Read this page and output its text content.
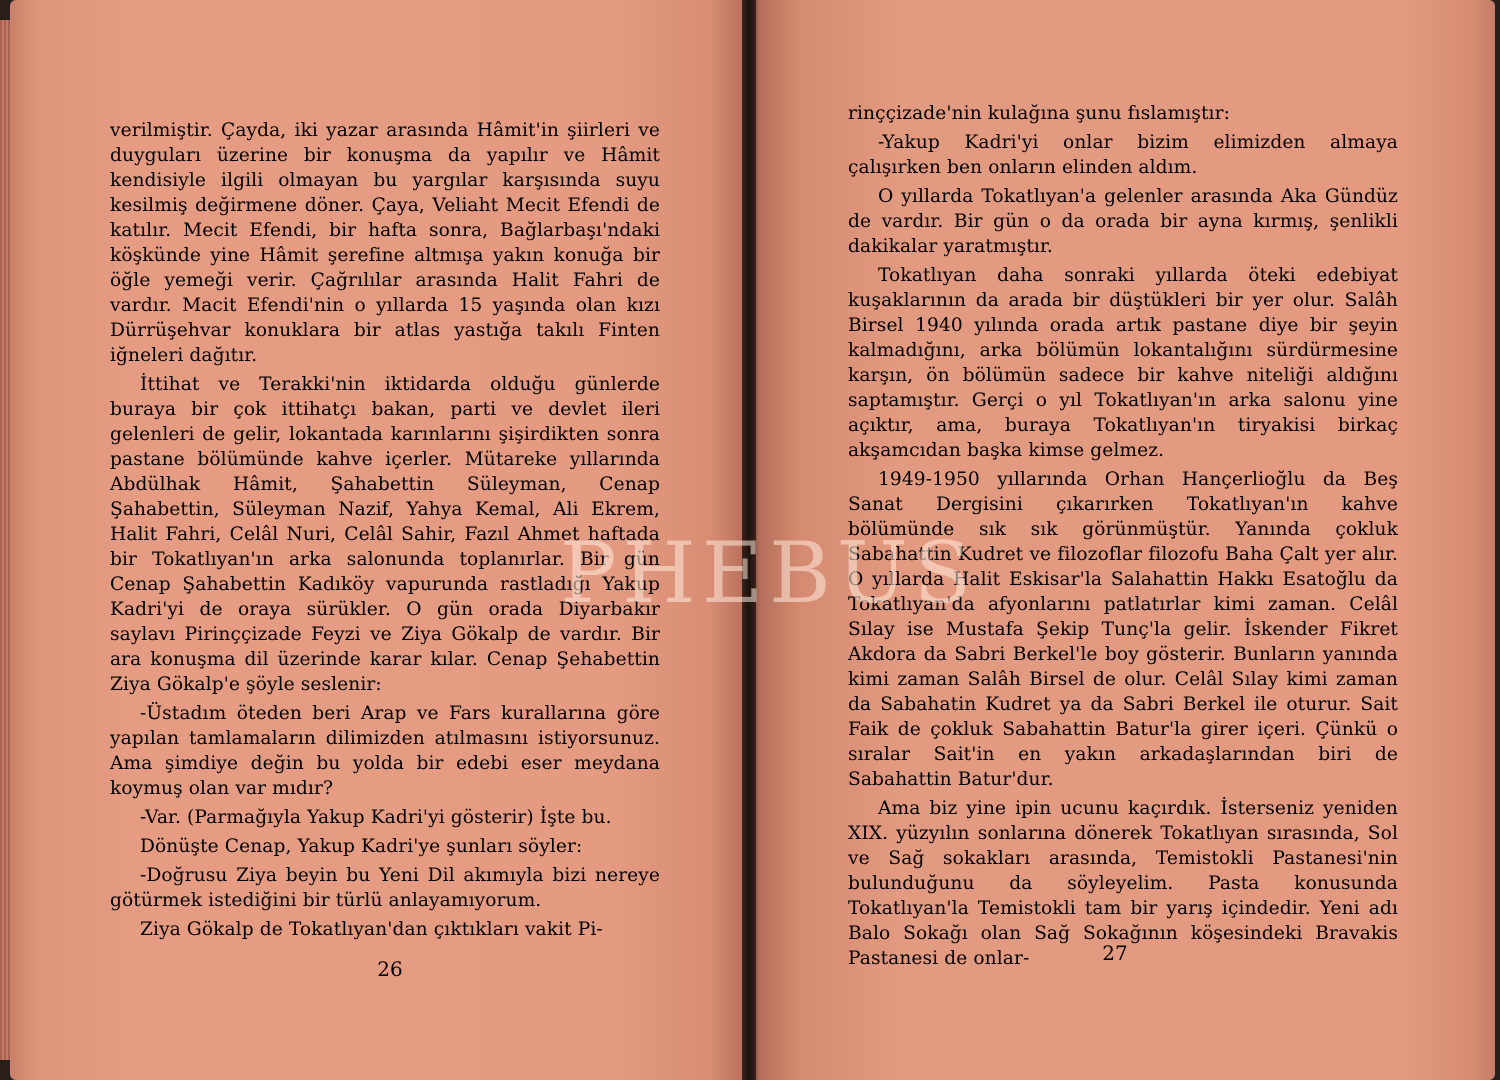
verilmiştir. Çayda, iki yazar arasında Hâmit'in şiirleri ve duyguları üzerine bir konuşma da yapılır ve Hâmit kendisiyle ilgili olmayan bu yargılar karşısında suyu kesilmiş değirmene döner. Çaya, Veliaht Mecit Efendi de katılır. Mecit Efendi, bir hafta sonra, Bağlarbaşı'ndaki köşkünde yine Hâmit şerefine altmışa yakın konuğa bir öğle yemeği verir. Çağrılılar arasında Halit Fahri de vardır. Macit Efendi'nin o yıllarda 15 yaşında olan kızı Dürrüşehvar konuklara bir atlas yastığa takılı Finten iğneleri dağıtır.

İttihat ve Terakki'nin iktidarda olduğu günlerde buraya bir çok ittihatçı bakan, parti ve devlet ileri gelenleri de gelir, lokantada karınlarını şişirdikten sonra pastane bölümünde kahve içerler. Mütareke yıllarında Abdülhak Hâmit, Şahabettin Süleyman, Cenap Şahabettin, Süleyman Nazif, Yahya Kemal, Ali Ekrem, Halit Fahri, Celâl Nuri, Celâl Sahir, Fazıl Ahmet haftada bir Tokatlıyan'ın arka salonunda toplanırlar. Bir gün Cenap Şahabettin Kadıköy vapurunda rastladığı Yakup Kadri'yi de oraya sürükler. O gün orada Diyarbakır saylavı Pirinççizade Feyzi ve Ziya Gökalp de vardır. Bir ara konuşma dil üzerinde karar kılar. Cenap Şehabettin Ziya Gökalp'e şöyle seslenir:

-Üstadım öteden beri Arap ve Fars kurallarına göre yapılan tamlamaların dilimizden atılmasını istiyorsunuz. Ama şimdiye değin bu yolda bir edebi eser meydana koymuş olan var mıdır?

-Var. (Parmağıyla Yakup Kadri'yi gösterir) İşte bu.

Dönüşte Cenap, Yakup Kadri'ye şunları söyler:

-Doğrusu Ziya beyin bu Yeni Dil akımıyla bizi nereye götürmek istediğini bir türlü anlayamıyorum.

Ziya Gökalp de Tokatlıyan'dan çıktıkları vakit Pi-

26

rinççizade'nin kulağına şunu fıslamıştır:

-Yakup Kadri'yi onlar bizim elimizden almaya çalışırken ben onların elinden aldım.

O yıllarda Tokatlıyan'a gelenler arasında Aka Gündüz de vardır. Bir gün o da orada bir ayna kırmış, şenlikli dakikalar yaratmıştır.

Tokatlıyan daha sonraki yıllarda öteki edebiyat kuşaklarının da arada bir düştükleri bir yer olur. Salâh Birsel 1940 yılında orada artık pastane diye bir şeyin kalmadığını, arka bölümün lokantalığını sürdürmesine karşın, ön bölümün sadece bir kahve niteliği aldığını saptamıştır. Gerçi o yıl Tokatlıyan'ın arka salonu yine açıktır, ama, buraya Tokatlıyan'ın tiryakisi birkaç akşamcıdan başka kimse gelmez.

1949-1950 yıllarında Orhan Hançerlioğlu da Beş Sanat Dergisini çıkarırken Tokatlıyan'ın kahve bölümünde sık sık görünmüştür. Yanında çokluk Sabahattin Kudret ve filozoflar filozofu Baha Çalt yer alır. O yıllarda Halit Eskisar'la Salahattin Hakkı Esatoğlu da Tokatlıyan'da afyonlarını patlatırlar kimi zaman. Celâl Sılay ise Mustafa Şekip Tunç'la gelir. İskender Fikret Akdora da Sabri Berkel'le boy gösterir. Bunların yanında kimi zaman Salâh Birsel de olur. Celâl Sılay kimi zaman da Sabahatin Kudret ya da Sabri Berkel ile oturur. Sait Faik de çokluk Sabahattin Batur'la girer içeri. Çünkü o sıralar Sait'in en yakın arkadaşlarından biri de Sabahattin Batur'dur.

Ama biz yine ipin ucunu kaçırdık. İsterseniz yeniden XIX. yüzyılın sonlarına dönerek Tokatlıyan sırasında, Sol ve Sağ sokakları arasında, Temistokli Pastanesi'nin bulunduğunu da söyleyelim. Pasta konusunda Tokatlıyan'la Temistokli tam bir yarış içindedir. Yeni adı Balo Sokağı olan Sağ Sokağının köşesindeki Bravakis Pastanesi de onlar-	27
PHEBUS
